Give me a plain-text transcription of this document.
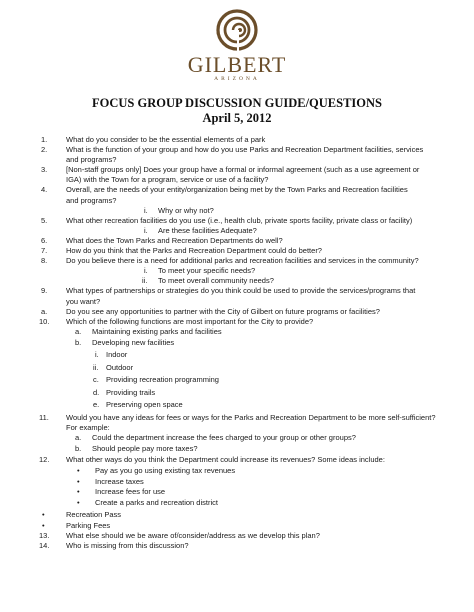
GILBERT
ARIZONA
FOCUS GROUP DISCUSSION GUIDE/QUESTIONS
April 5, 2012
1. What do you consider to be the essential elements of a park
2. What is the function of your group and how do you use Parks and Recreation Department facilities, services
and programs?
3. [Non-staff groups only] Does your group have a formal or informal agreement (such as a use agreement or
IGA) with the Town for a program, service or use of a facility?
4. Overall, are the needs of your entity/organization being met by the Town Parks and Recreation facilities
and programs?
i. Why or why not?
5. What other recreation facilities do you use (i.e., health club, private sports facility, private class or facility)
i. Are these facilities Adequate?
6. What does the Town Parks and Recreation Departments do well?
7. How do you think that the Parks and Recreation Department could do better?
8. Do you believe there is a need for additional parks and recreation facilities and services in the community?
i. To meet your specific needs?
ii. To meet overall community needs?
9. What types of partnerships or strategies do you think could be used to provide the services/programs that
you want?
a. Do you see any opportunities to partner with the City of Gilbert on future programs or facilities?
10. Which of the following functions are most important for the City to provide?
a. Maintaining existing parks and facilities
b. Developing new facilities
i. Indoor
ii. Outdoor
c. Providing recreation programming
d. Providing trails
e. Preserving open space
11. Would you have any ideas for fees or ways for the Parks and Recreation Department to be more self-sufficient?
For example:
a. Could the department increase the fees charged to your group or other groups?
b. Should people pay more taxes?
12. What other ways do you think the Department could increase its revenues? Some ideas include:
• Pay as you go using existing tax revenues
• Increase taxes
• Increase fees for use
• Create a parks and recreation district
•	Recreation Pass
•	Parking Fees
13. What else should we be aware of/consider/address as we develop this plan?
14. Who is missing from this discussion?
